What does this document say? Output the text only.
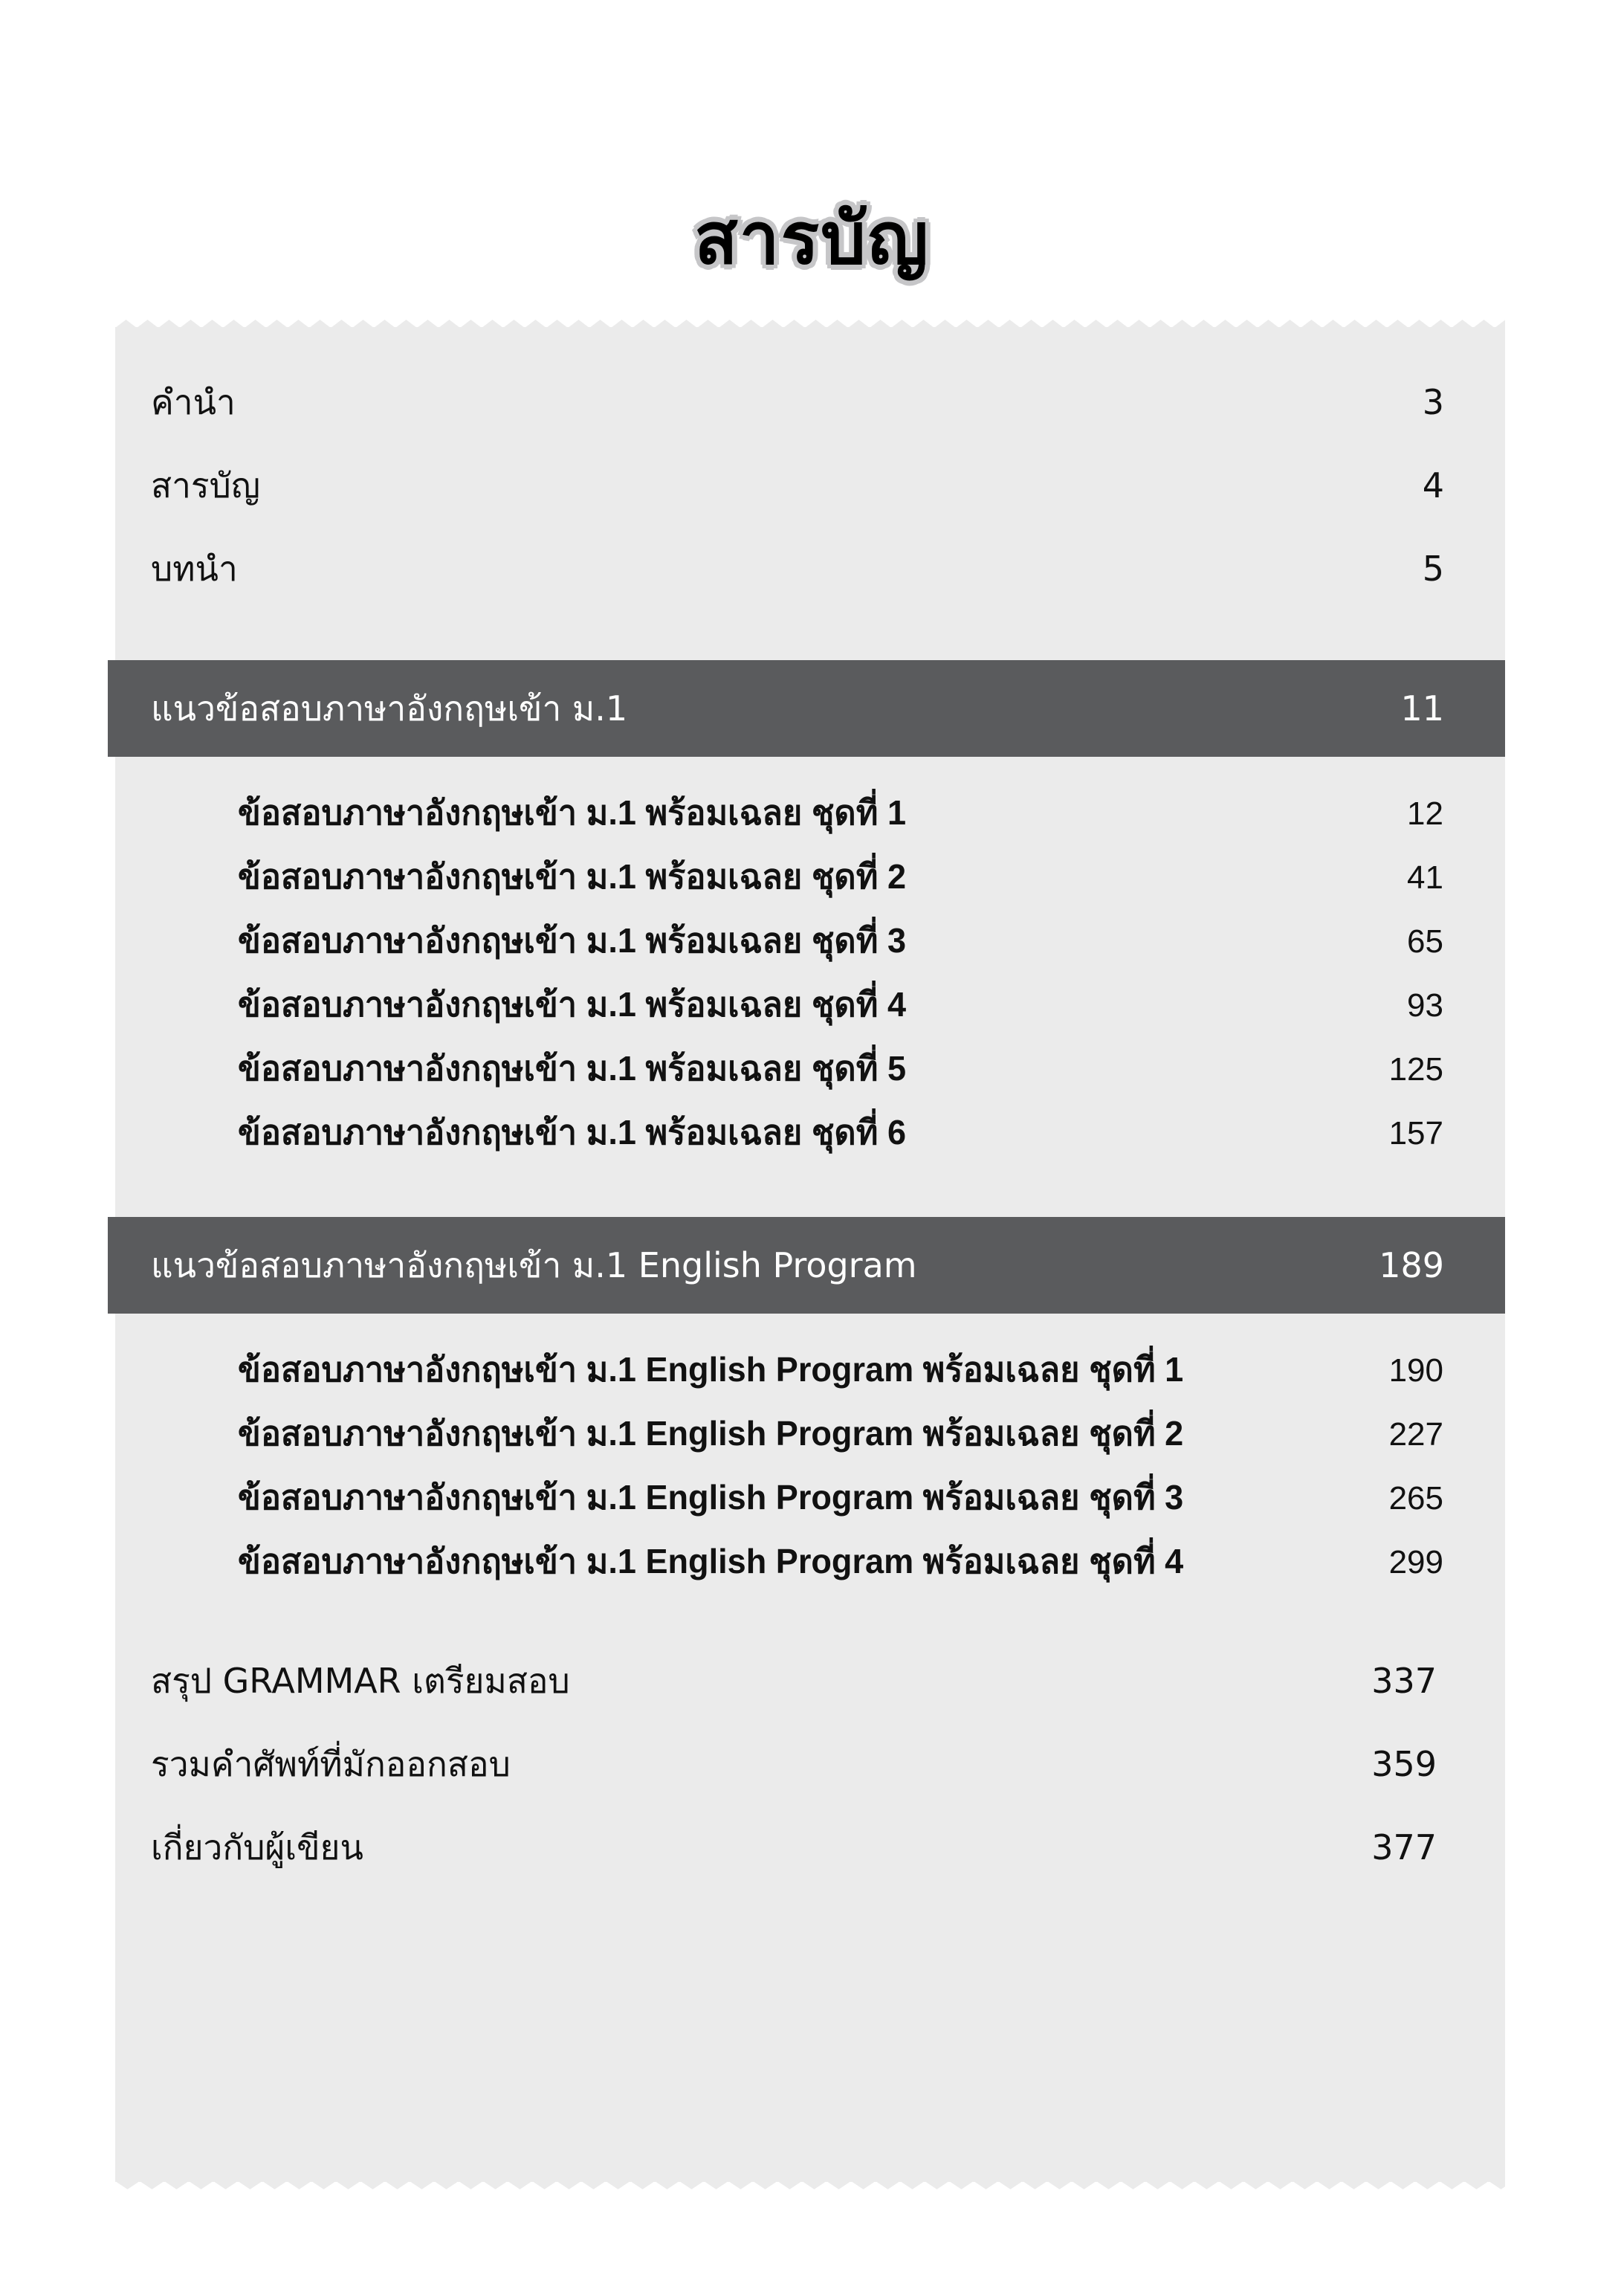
สารบัญ
คำนำ	3
สารบัญ	4
บทนำ	5
แนวข้อสอบภาษาอังกฤษเข้า ม.1	11
ข้อสอบภาษาอังกฤษเข้า ม.1 พร้อมเฉลย ชุดที่ 1	12
ข้อสอบภาษาอังกฤษเข้า ม.1 พร้อมเฉลย ชุดที่ 2	41
ข้อสอบภาษาอังกฤษเข้า ม.1 พร้อมเฉลย ชุดที่ 3	65
ข้อสอบภาษาอังกฤษเข้า ม.1 พร้อมเฉลย ชุดที่ 4	93
ข้อสอบภาษาอังกฤษเข้า ม.1 พร้อมเฉลย ชุดที่ 5	125
ข้อสอบภาษาอังกฤษเข้า ม.1 พร้อมเฉลย ชุดที่ 6	157
แนวข้อสอบภาษาอังกฤษเข้า ม.1 English Program	189
ข้อสอบภาษาอังกฤษเข้า ม.1 English Program พร้อมเฉลย ชุดที่ 1	190
ข้อสอบภาษาอังกฤษเข้า ม.1 English Program พร้อมเฉลย ชุดที่ 2	227
ข้อสอบภาษาอังกฤษเข้า ม.1 English Program พร้อมเฉลย ชุดที่ 3	265
ข้อสอบภาษาอังกฤษเข้า ม.1 English Program พร้อมเฉลย ชุดที่ 4	299
สรุป GRAMMAR เตรียมสอบ	337
รวมคำศัพท์ที่มักออกสอบ	359
เกี่ยวกับผู้เขียน	377
